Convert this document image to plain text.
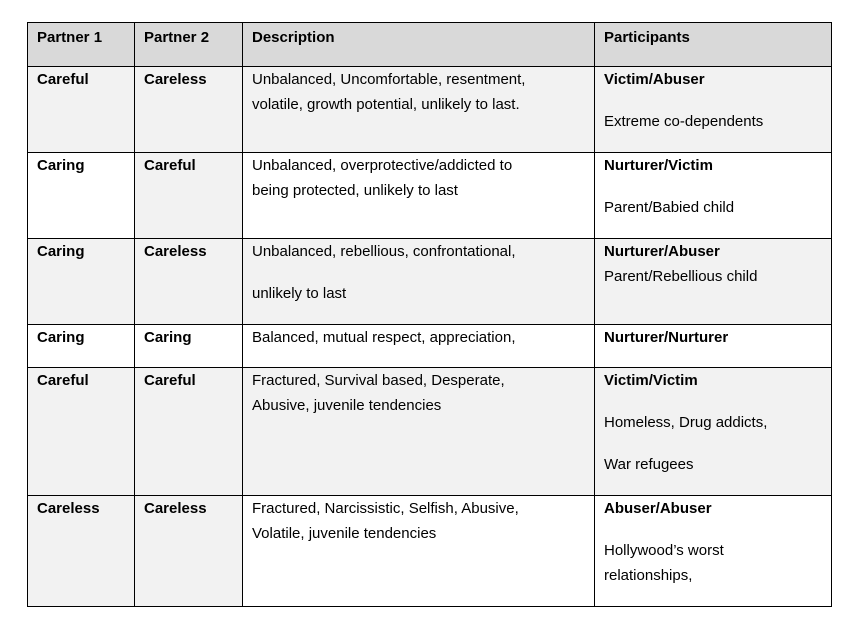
Partner 1	Partner 2	Description	Participants

Careful	Careless	Unbalanced, Uncomfortable, resentment,
volatile, growth potential, unlikely to last.	Victim/Abuser
Extreme co-dependents

Caring	Careful	Unbalanced, overprotective/addicted to
being protected, unlikely to last	Nurturer/Victim
Parent/Babied child

Caring	Careless	Unbalanced, rebellious, confrontational,
unlikely to last	Nurturer/Abuser
Parent/Rebellious child

Caring	Caring	Balanced, mutual respect, appreciation,	Nurturer/Nurturer

Careful	Careful	Fractured, Survival based, Desperate,
Abusive, juvenile tendencies	Victim/Victim
Homeless, Drug addicts,
War refugees

Careless	Careless	Fractured, Narcissistic, Selfish, Abusive,
Volatile, juvenile tendencies	Abuser/Abuser
Hollywood’s worst
relationships,
